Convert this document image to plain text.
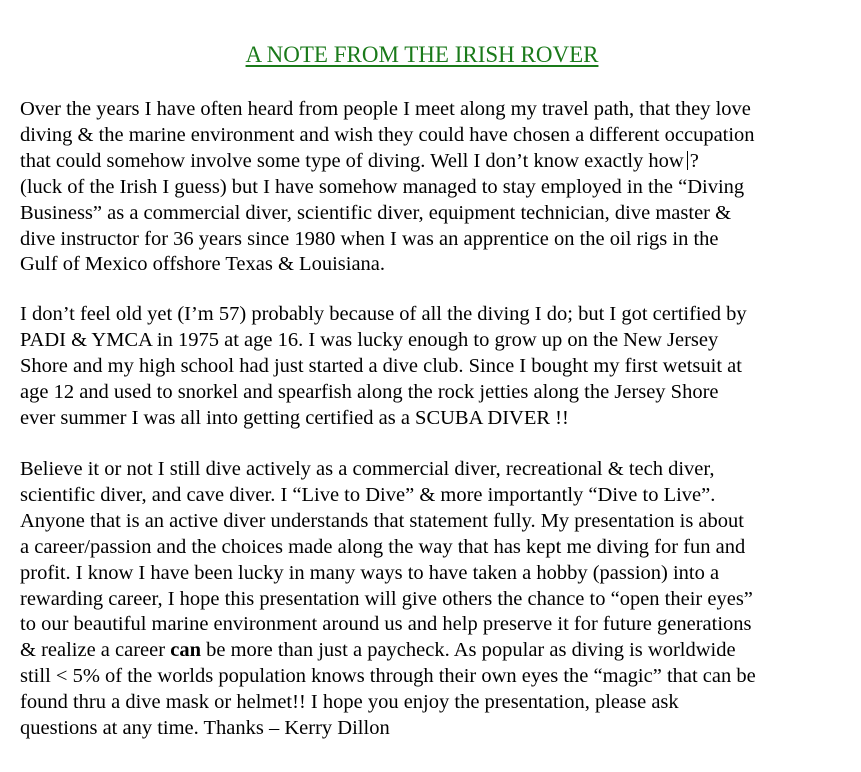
A NOTE FROM THE IRISH ROVER

Over the years I have often heard from people I meet along my travel path, that they love
diving & the marine environment and wish they could have chosen a different occupation
that could somehow involve some type of diving. Well I don’t know exactly how ?
(luck of the Irish I guess) but I have somehow managed to stay employed in the “Diving
Business” as a commercial diver, scientific diver, equipment technician, dive master &
dive instructor for 36 years since 1980 when I was an apprentice on the oil rigs in the
Gulf of Mexico offshore Texas & Louisiana.

I don’t feel old yet (I’m 57) probably because of all the diving I do; but I got certified by
PADI & YMCA in 1975 at age 16. I was lucky enough to grow up on the New Jersey
Shore and my high school had just started a dive club. Since I bought my first wetsuit at
age 12 and used to snorkel and spearfish along the rock jetties along the Jersey Shore
ever summer I was all into getting certified as a SCUBA DIVER !!

Believe it or not I still dive actively as a commercial diver, recreational & tech diver,
scientific diver, and cave diver. I “Live to Dive” & more importantly “Dive to Live”.
Anyone that is an active diver understands that statement fully. My presentation is about
a career/passion and the choices made along the way that has kept me diving for fun and
profit. I know I have been lucky in many ways to have taken a hobby (passion) into a
rewarding career, I hope this presentation will give others the chance to “open their eyes”
to our beautiful marine environment around us and help preserve it for future generations
& realize a career can be more than just a paycheck. As popular as diving is worldwide
still < 5% of the worlds population knows through their own eyes the “magic” that can be
found thru a dive mask or helmet!! I hope you enjoy the presentation, please ask
questions at any time. Thanks – Kerry Dillon
